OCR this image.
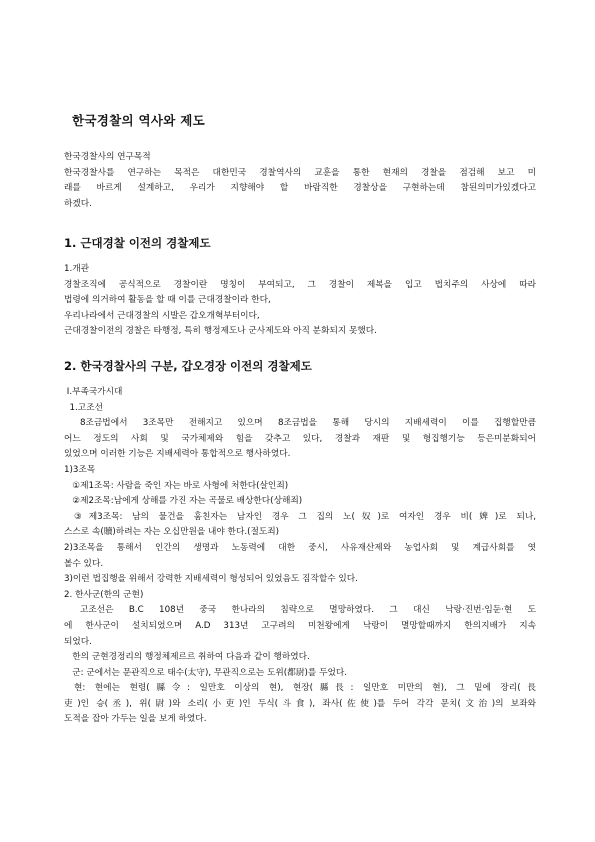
한국경찰의 역사와 제도

한국경찰사의 연구목적

한국경찰사를 연구하는 목적은 대한민국 경찰역사의 교훈을 통한 현재의 경찰을 점검해 보고 미

래를 바르게 설계하고, 우리가 지향해야 할 바람직한 경찰상을 구현하는데 참된의미가있겠다고

하겠다.

1. 근대경찰 이전의 경찰제도

1.개관

경찰조직에 공식적으로 경찰이란 명칭이 부여되고, 그 경찰이 제복을 입고 법치주의 사상에 따라

법령에 의거하여 활동을 할 때 이를 근대경찰이라 한다,

우리나라에서 근대경찰의 시발은 갑오개혁부터이다,

근대경찰이전의 경찰은 타행정, 특히 행정제도나 군사제도와 아직 분화되지 못했다.

2. 한국경찰사의 구분, 갑오경장 이전의 경찰제도

Ⅰ.부족국가시대

1.고조선

8조금법에서 3조목만 전해지고 있으며 8조금법을 통해 당시의 지배세력이 이를 집행할만큼

어느 정도의 사회 및 국가체제와 힘을 갖추고 있다, 경찰과 재판 및 형집행기능 등은미분화되어

있었으며 이러한 기능은 지배세력아 통합적으로 행사하였다.

1)3조목

①제1조목: 사람을 죽인 자는 바로 사형에 처한다(살인죄)

②제2조목:남에게 상해를 가진 자는 곡물로 배상한다(상해죄)

③제3조목: 남의 물건을 훔친자는 남자인 경우 그 집의 노(奴)로 여자인 경우 비(婢)로 되나,

스스로 속(贖)하려는 자는 오십만원을 내야 한다.(절도죄)

2)3조목을 통해서 인간의 생명과 노동력에 대한 중시, 사유재산제와 농업사회 및 계급사회를 엿

볼수 있다.

3)이런 법집행을 위해서 강력한 지배세력이 형성되어 있었음도 짐작할수 있다.

2. 한사군(한의 군현)

고조선은 B.C 108년 중국 한나라의 침략으로 멸망하였다. 그 대신 낙랑·진번·임둔·현 도

에 한사군이 설치되었으며 A.D 313년 고구려의 미천왕에게 낙랑이 멸망할때까지 한의지배가 지속

되었다.

한의 군현경정리의 행정체제르르 취하여 다음과 같이 행하였다.

군: 군에서는 문관직으로 태수(太守), 무관직으로는 도위(都尉)를 두었다.

현: 현에는 현령(縣令: 일만호 이상의 현), 현장(縣長: 일만호 미만의 현), 그 밑에 장리(長

吏)인 승(丞), 위(尉)와 소리(小吏)인 두식(斗食), 좌사(佐使)를 두어 각각 문치(文治)의 보좌와

도적을 잡아 가두는 일을 보게 하였다.
